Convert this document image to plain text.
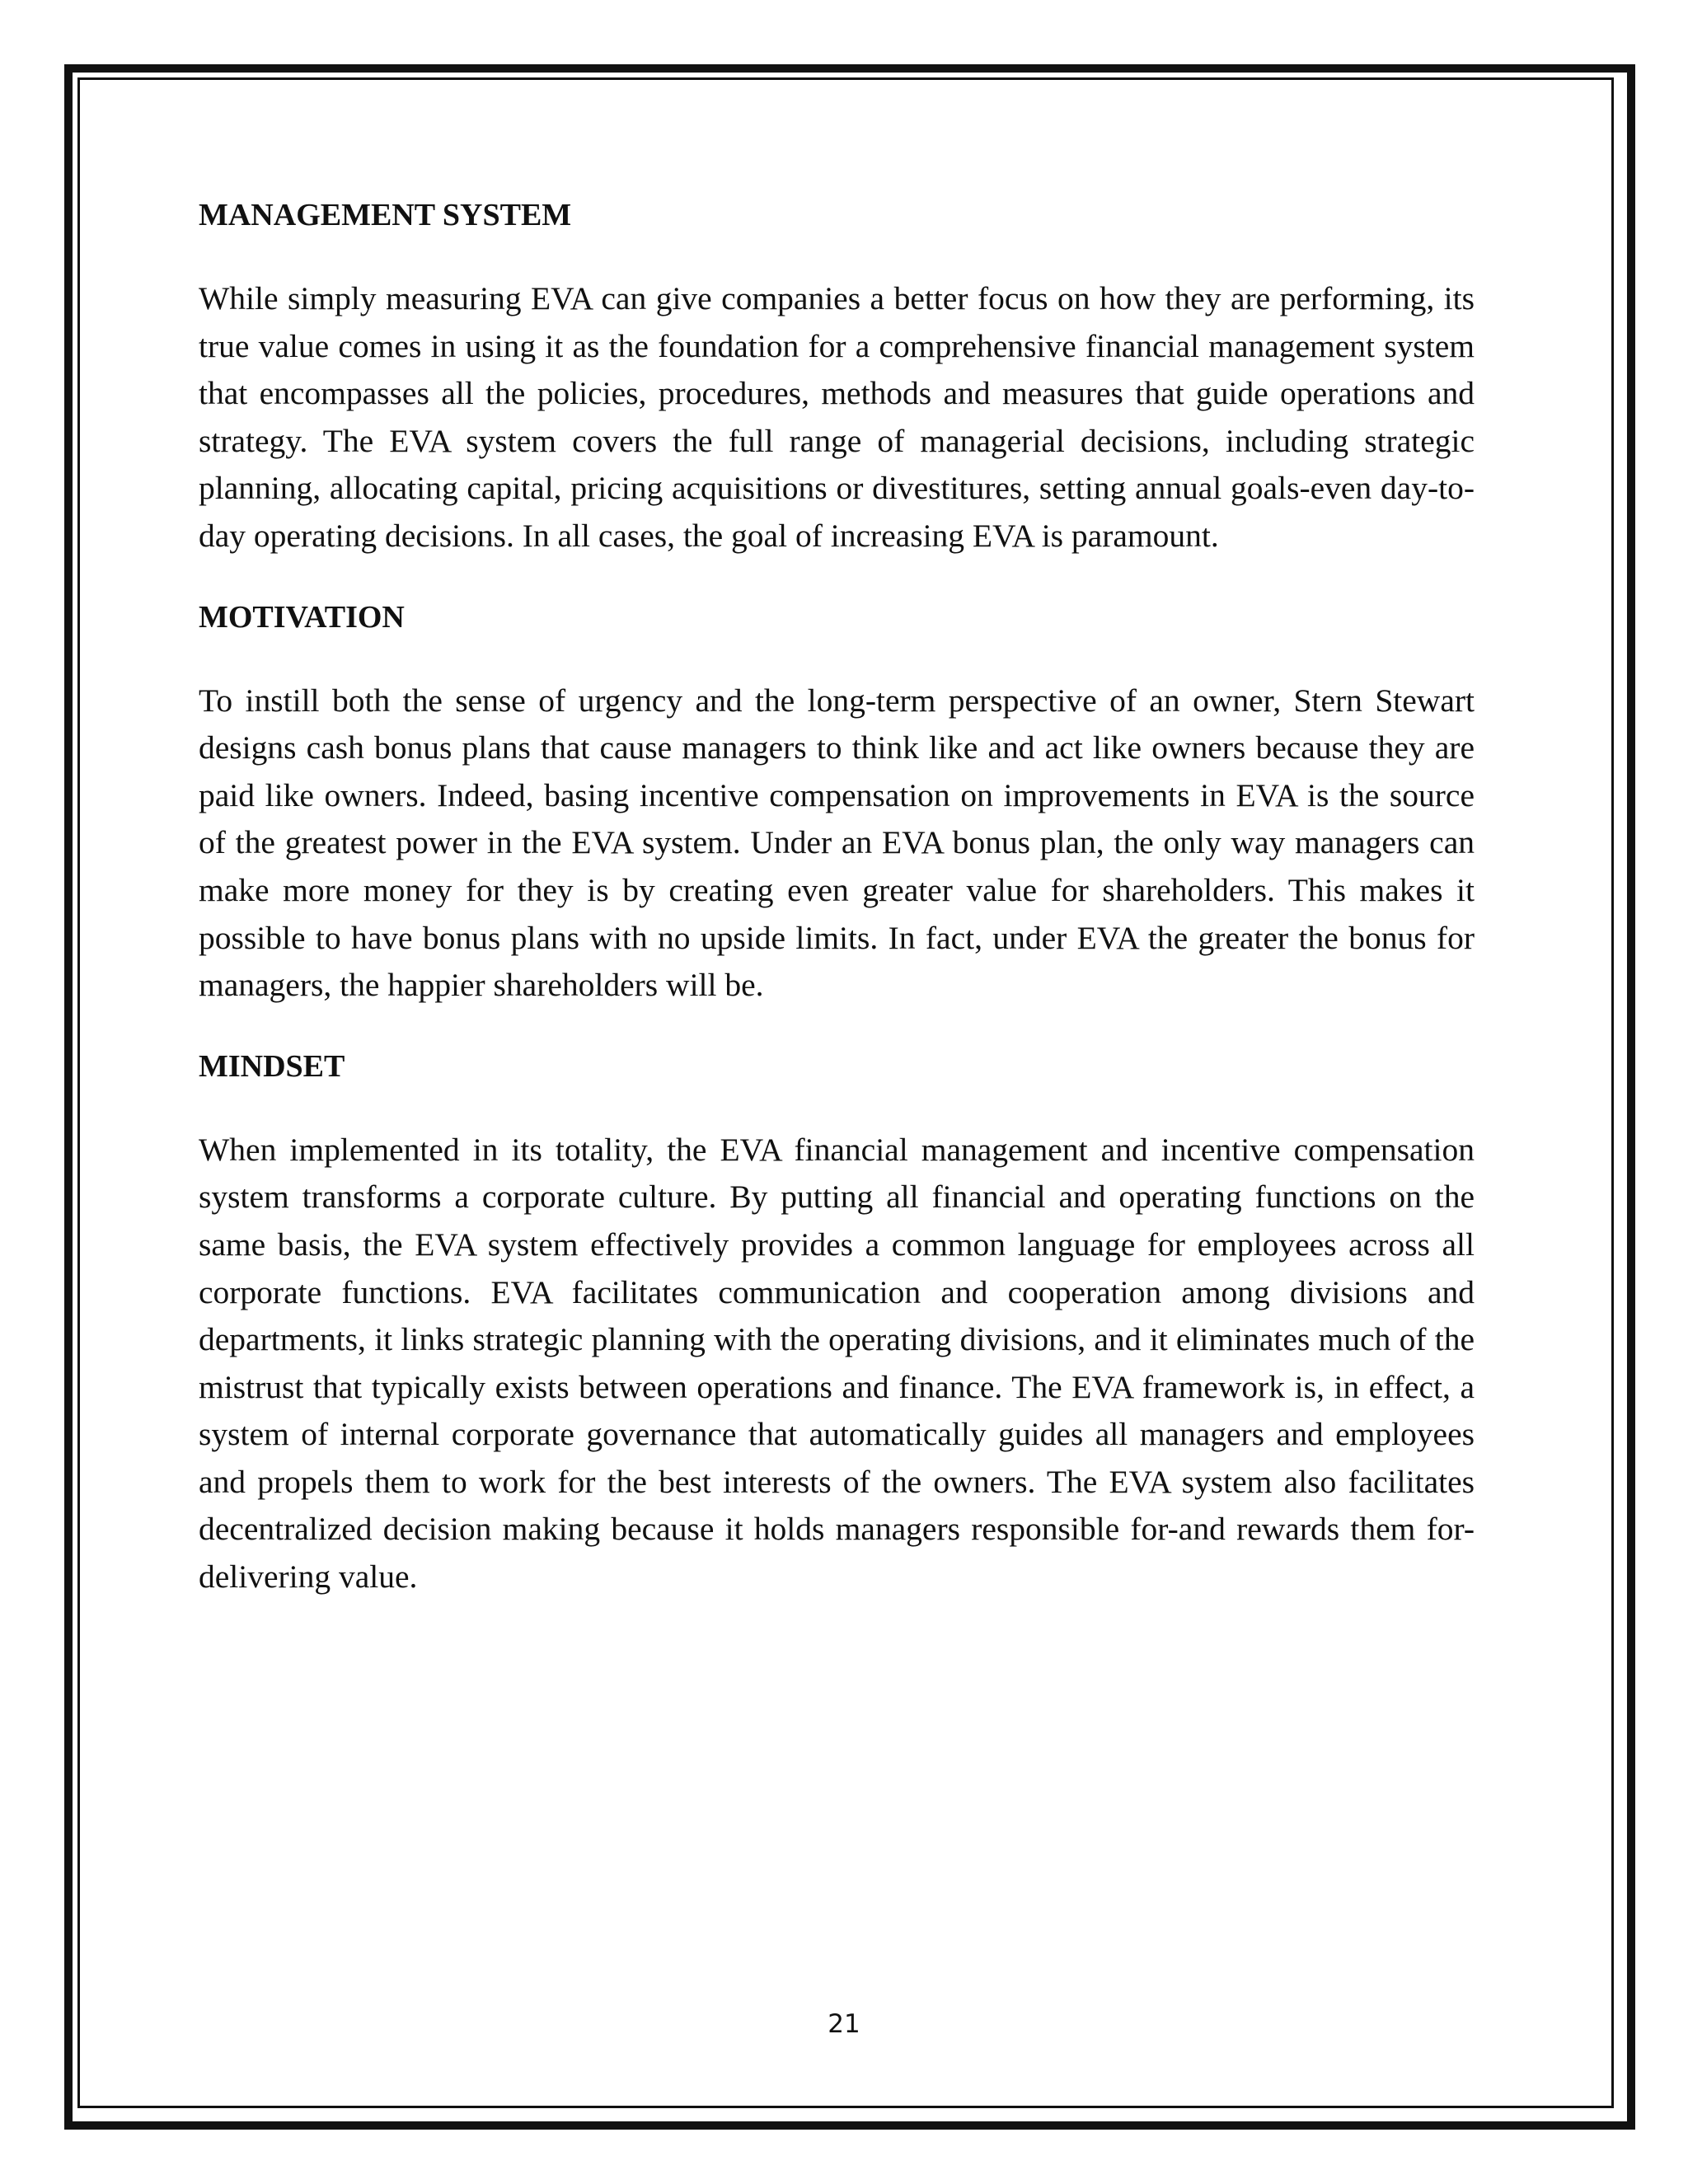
MANAGEMENT SYSTEM

While simply measuring EVA can give companies a better focus on how they are performing, its true value comes in using it as the foundation for a comprehensive financial management system that encompasses all the policies, procedures, methods and measures that guide operations and strategy. The EVA system covers the full range of managerial decisions, including strategic planning, allocating capital, pricing acquisitions or divestitures, setting annual goals-even day-to-day operating decisions. In all cases, the goal of increasing EVA is paramount.

MOTIVATION

To instill both the sense of urgency and the long-term perspective of an owner, Stern Stewart designs cash bonus plans that cause managers to think like and act like owners because they are paid like owners. Indeed, basing incentive compensation on improvements in EVA is the source of the greatest power in the EVA system. Under an EVA bonus plan, the only way managers can make more money for they is by creating even greater value for shareholders. This makes it possible to have bonus plans with no upside limits. In fact, under EVA the greater the bonus for managers, the happier shareholders will be.

MINDSET

When implemented in its totality, the EVA financial management and incentive compensation system transforms a corporate culture. By putting all financial and operating functions on the same basis, the EVA system effectively provides a common language for employees across all corporate functions. EVA facilitates communication and cooperation among divisions and departments, it links strategic planning with the operating divisions, and it eliminates much of the mistrust that typically exists between operations and finance. The EVA framework is, in effect, a system of internal corporate governance that automatically guides all managers and employees and propels them to work for the best interests of the owners. The EVA system also facilitates decentralized decision making because it holds managers responsible for-and rewards them for-delivering value.

21
